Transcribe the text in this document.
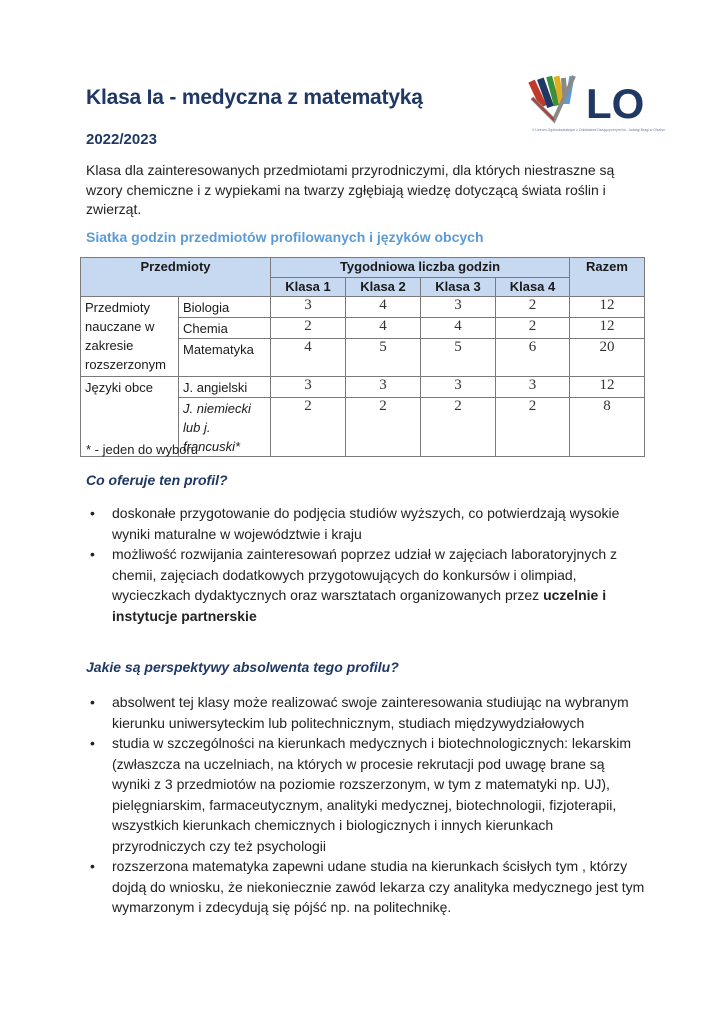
Klasa Ia - medyczna z matematyką	LO
V Liceum Ogólnokształcące z Oddziałami Dwujęzycznymi im. Jadwigi Bragi w Olsztyn
2022/2023
Klasa dla zainteresowanych przedmiotami przyrodniczymi, dla których niestraszne są wzory chemiczne i z wypiekami na twarzy zgłębiają wiedzę dotyczącą świata roślin i zwierząt.
Siatka godzin przedmiotów profilowanych i języków obcych
Przedmioty		Tygodniowa liczba godzin				Razem
		Klasa 1	Klasa 2	Klasa 3	Klasa 4	
Przedmioty nauczane w zakresie rozszerzonym	Biologia	3	4	3	2	12
	Chemia	2	4	4	2	12
	Matematyka	4	5	5	6	20
Języki obce	J. angielski	3	3	3	3	12
	J. niemiecki lub j. francuski*	2	2	2	2	8
* - jeden do wyboru
Co oferuje ten profil?
• doskonałe przygotowanie do podjęcia studiów wyższych, co potwierdzają wysokie wyniki maturalne w województwie i kraju
• możliwość rozwijania zainteresowań poprzez udział w zajęciach laboratoryjnych z chemii, zajęciach dodatkowych przygotowujących do konkursów i olimpiad, wycieczkach dydaktycznych oraz warsztatach organizowanych przez uczelnie i instytucje partnerskie
Jakie są perspektywy absolwenta tego profilu?
• absolwent tej klasy może realizować swoje zainteresowania studiując na wybranym kierunku uniwersyteckim lub politechnicznym, studiach międzywydziałowych
• studia w szczególności na kierunkach medycznych i biotechnologicznych: lekarskim (zwłaszcza na uczelniach, na których w procesie rekrutacji pod uwagę brane są wyniki z 3 przedmiotów na poziomie rozszerzonym, w tym z matematyki np. UJ), pielęgniarskim, farmaceutycznym, analityki medycznej, biotechnologii, fizjoterapii, wszystkich kierunkach chemicznych i biologicznych i innych kierunkach przyrodniczych czy też psychologii
• rozszerzona matematyka zapewni udane studia na kierunkach ścisłych tym , którzy dojdą do wniosku, że niekoniecznie zawód lekarza czy analityka medycznego jest tym wymarzonym i zdecydują się pójść np. na politechnikę.
